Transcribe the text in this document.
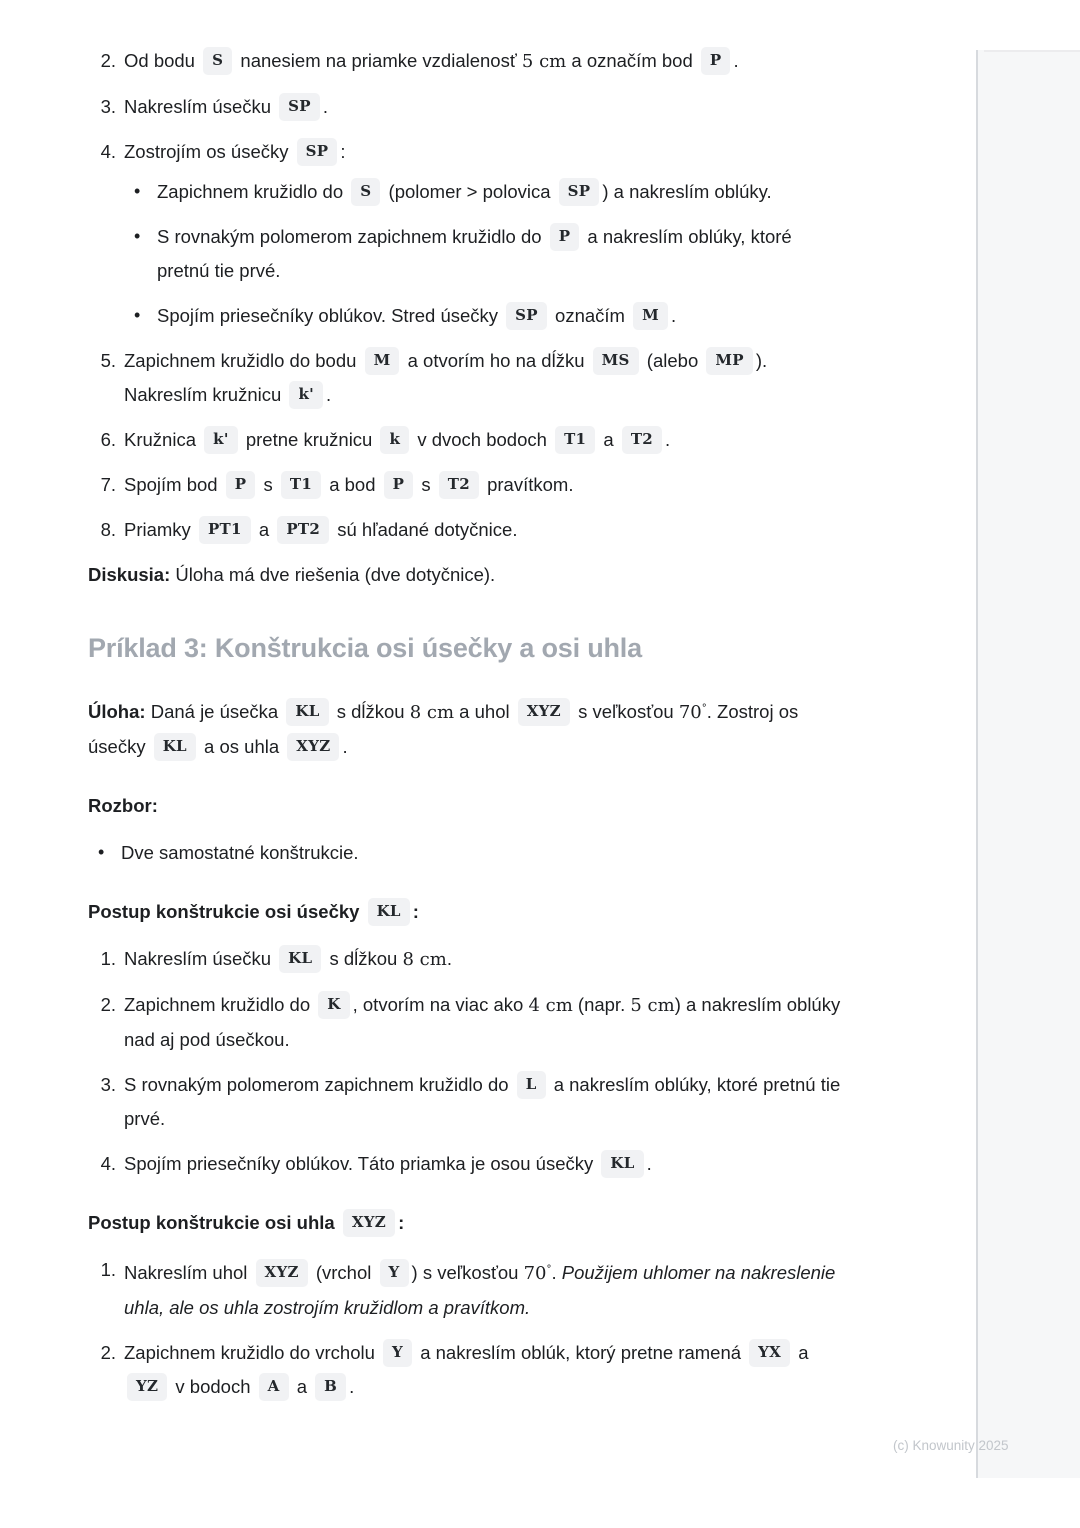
2. Od bodu S nanesiem na priamke vzdialenosť 5 cm a označím bod P .
3. Nakreslím úsečku SP .
4. Zostrojím os úsečky SP :
• Zapichnem kružidlo do S (polomer > polovica SP ) a nakreslím oblúky.
• S rovnakým polomerom zapichnem kružidlo do P a nakreslím oblúky, ktoré pretnú tie prvé.
• Spojím priesečníky oblúkov. Stred úsečky SP označím M .
5. Zapichnem kružidlo do bodu M a otvorím ho na dĺžku MS (alebo MP ). Nakreslím kružnicu k' .
6. Kružnica k' pretne kružnicu k v dvoch bodoch T1 a T2 .
7. Spojím bod P s T1 a bod P s T2 pravítkom.
8. Priamky PT1 a PT2 sú hľadané dotyčnice.

Diskusia: Úloha má dve riešenia (dve dotyčnice).

Príklad 3: Konštrukcia osi úsečky a osi uhla

Úloha: Daná je úsečka KL s dĺžkou 8 cm a uhol XYZ s veľkosťou 70°. Zostroj os úsečky KL a os uhla XYZ .

Rozbor:
• Dve samostatné konštrukcie.
Postup konštrukcie osi úsečky KL :
1. Nakreslím úsečku KL s dĺžkou 8 cm.
2. Zapichnem kružidlo do K , otvorím na viac ako 4 cm (napr. 5 cm) a nakreslím oblúky nad aj pod úsečkou.
3. S rovnakým polomerom zapichnem kružidlo do L a nakreslím oblúky, ktoré pretnú tie prvé.
4. Spojím priesečníky oblúkov. Táto priamka je osou úsečky KL .
Postup konštrukcie osi uhla XYZ :
1. Nakreslím uhol XYZ (vrchol Y ) s veľkosťou 70°. Použijem uhlomer na nakreslenie uhla, ale os uhla zostrojím kružidlom a pravítkom.
2. Zapichnem kružidlo do vrcholu Y a nakreslím oblúk, ktorý pretne ramená YX a YZ v bodoch A a B .
(c) Knowunity 2025
